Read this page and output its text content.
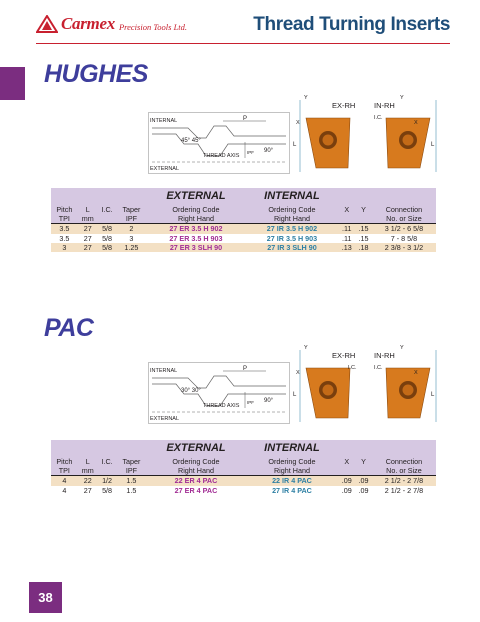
Carmex Precision Tools Ltd.	Thread Turning Inserts
HUGHES
INTERNAL
EXTERNAL
THREAD AXIS
P
IPF
45° 45°
90°
Y	Y
EX-RH IN-RH
I.C.
X	X
L	L
				EXTERNAL	INTERNAL			
Pitch	L	I.C.	Taper	Ordering Code	Ordering Code	X	Y	Connection
TPI	mm		IPF	Right Hand	Right Hand			No. or Size
3.5	27	5/8	2	27 ER 3.5 H 902	27 IR 3.5 H 902	.11	.15	3 1/2 - 6 5/8
3.5	27	5/8	3	27 ER 3.5 H 903	27 IR 3.5 H 903	.11	.15	7 - 8 5/8
3	27	5/8	1.25	27 ER 3 SLH 90	27 IR 3 SLH 90	.13	.18	2 3/8 - 3 1/2
PAC
INTERNAL
EXTERNAL
THREAD AXIS
P
IPF
30° 30°
90°
Y	Y
EX-RH IN-RH
I.C.	I.C.
X	X
L	L
				EXTERNAL	INTERNAL			
Pitch	L	I.C.	Taper	Ordering Code	Ordering Code	X	Y	Connection
TPI	mm		IPF	Right Hand	Right Hand			No. or Size
4	22	1/2	1.5	22 ER 4 PAC	22 IR 4 PAC	.09	.09	2 1/2 - 2 7/8
4	27	5/8	1.5	27 ER 4 PAC	27 IR 4 PAC	.09	.09	2 1/2 - 2 7/8
38
